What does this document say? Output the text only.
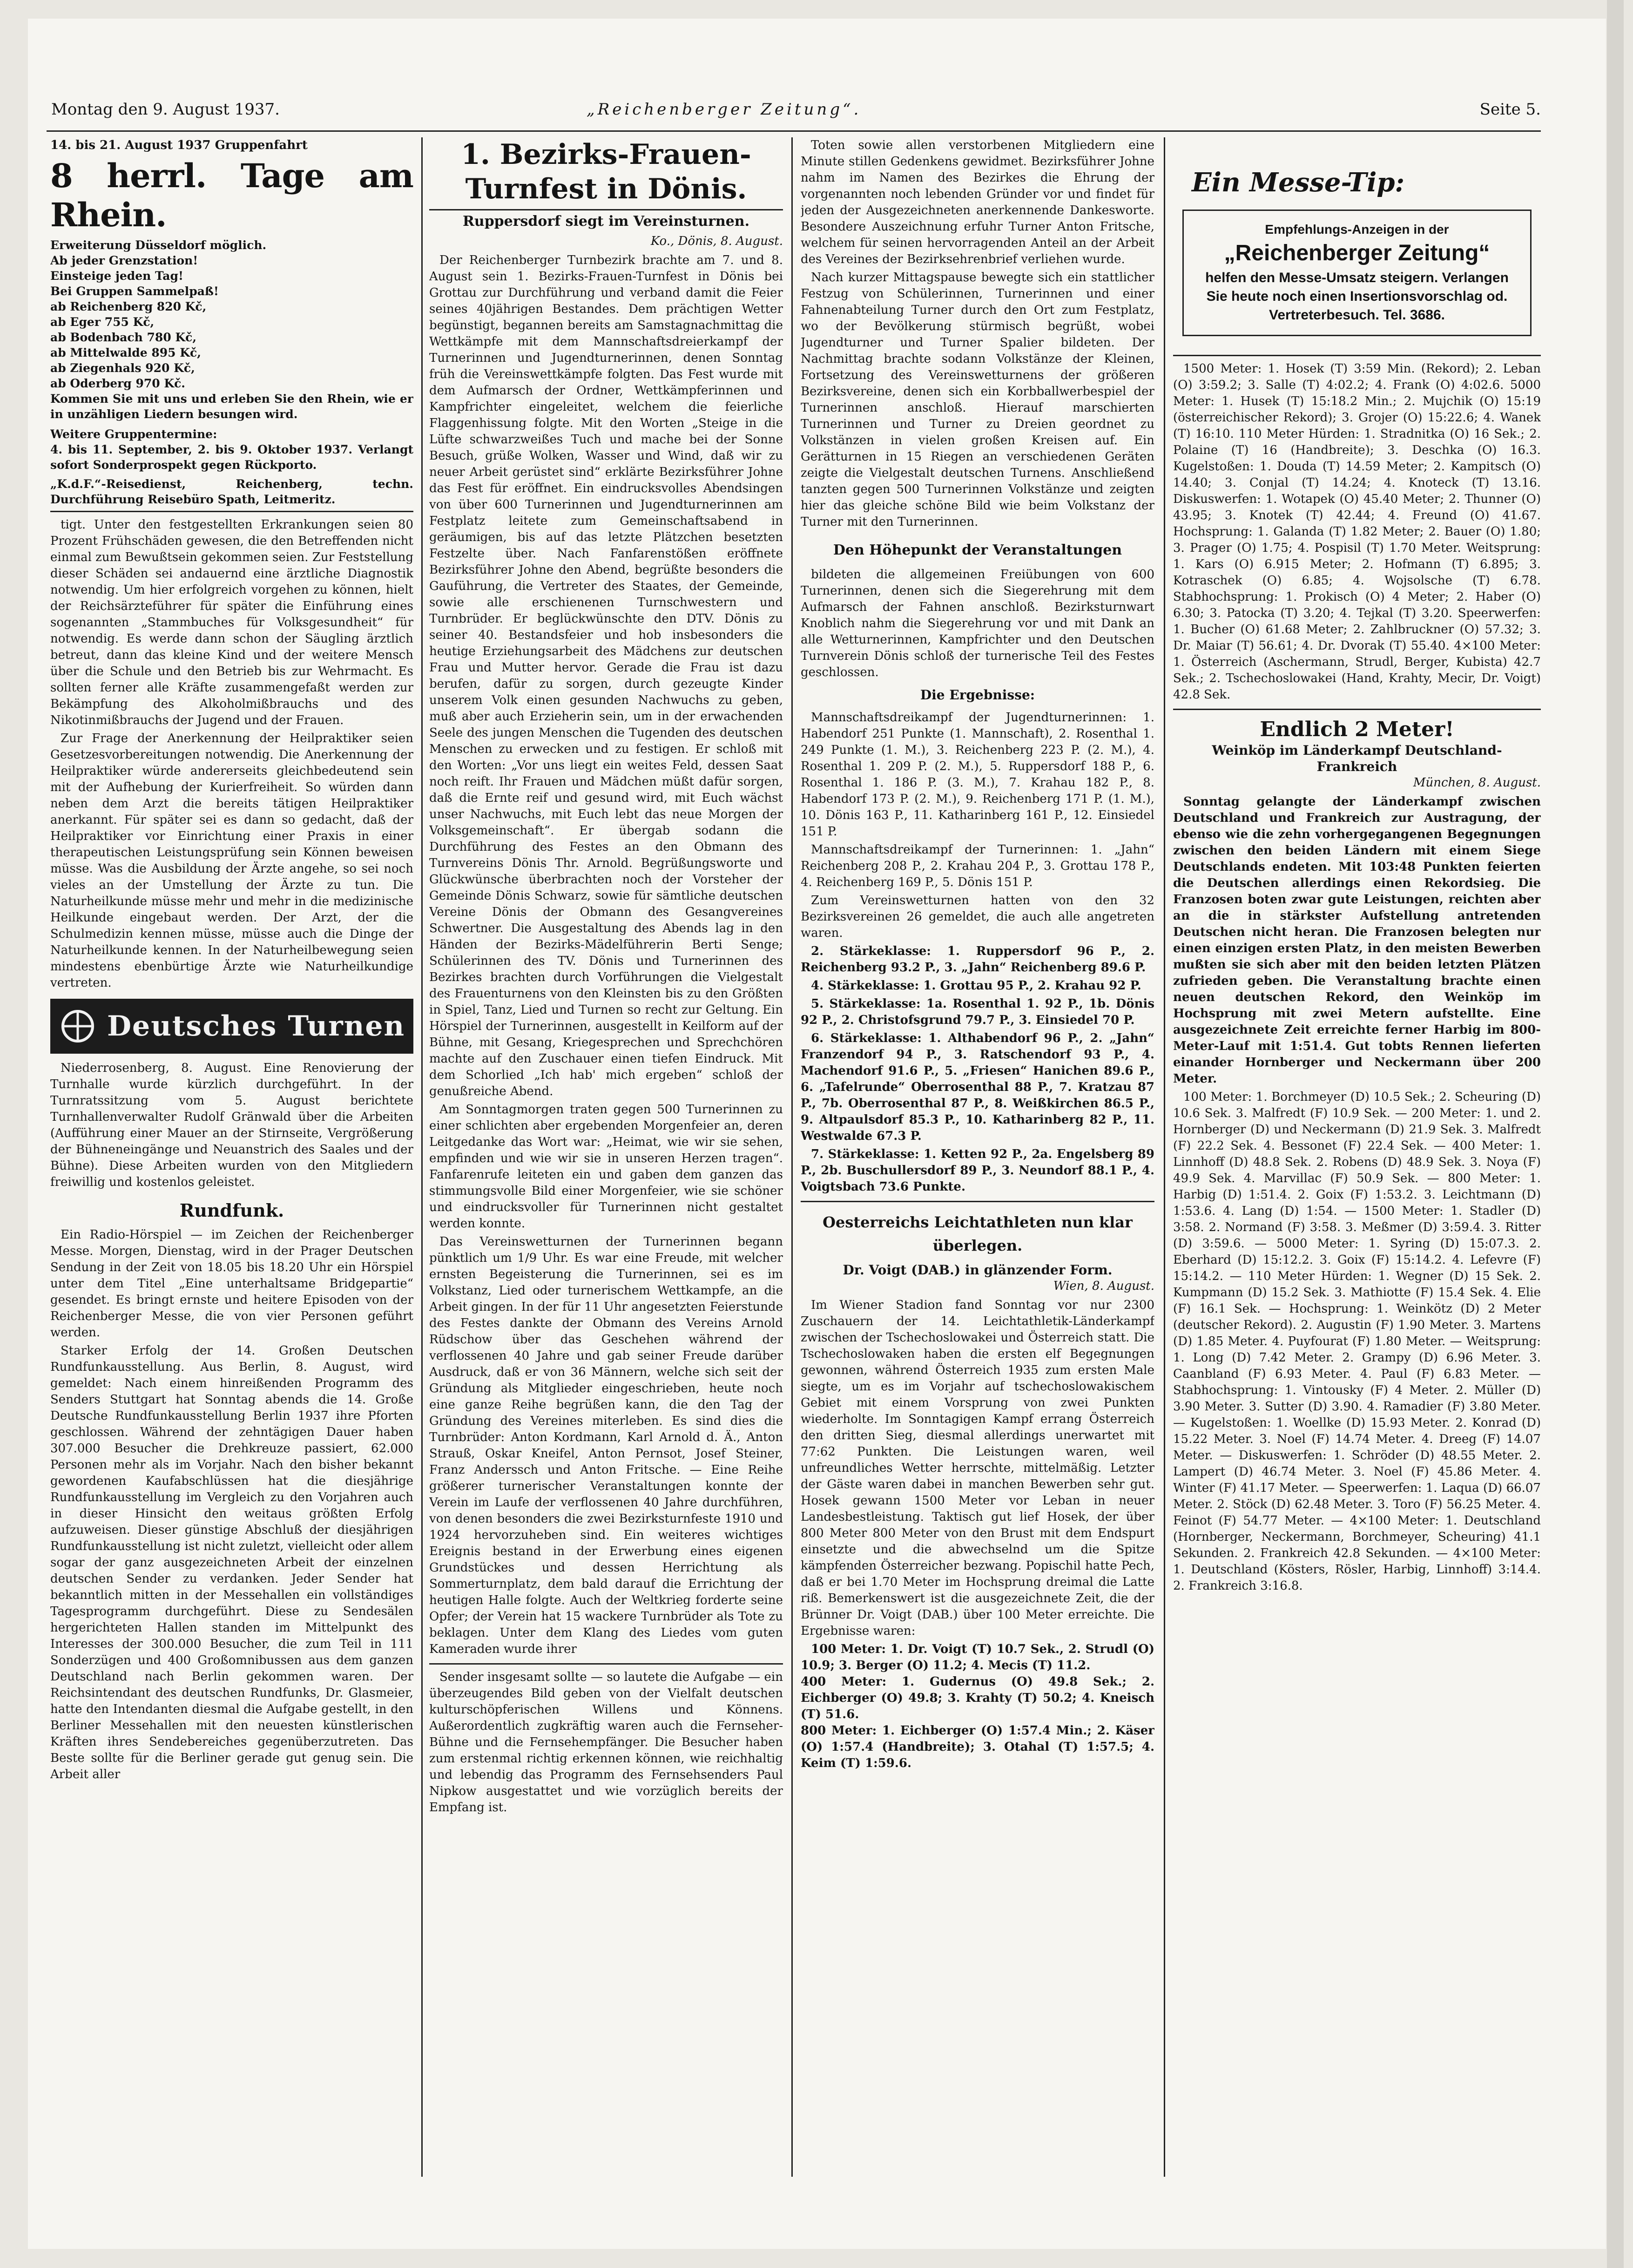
Montag den 9. August 1937.	„Reichenberger Zeitung“.	Seite 5.
14. bis 21. August 1937 Gruppenfahrt
8 herrl. Tage am Rhein.
Erweiterung Düsseldorf möglich.
Ab jeder Grenzstation!
Einsteige jeden Tag!
Bei Gruppen Sammelpaß!
ab Reichenberg 820 Kč,
ab Eger 755 Kč,
ab Bodenbach 780 Kč,
ab Mittelwalde 895 Kč,
ab Ziegenhals 920 Kč,
ab Oderberg 970 Kč.
Kommen Sie mit uns und erleben Sie den Rhein, wie er in unzähligen Liedern besungen wird.
Weitere Gruppentermine:
4. bis 11. September, 2. bis 9. Oktober 1937. Verlangt sofort Sonderprospekt gegen Rückporto.
„K.d.F.“-Reisedienst, Reichenberg, techn. Durchführung Reisebüro Spath, Leitmeritz.

tigt. Unter den festgestellten Erkrankungen seien 80 Prozent Frühschäden gewesen, die den Betreffenden nicht einmal zum Bewußtsein gekommen seien. Zur Feststellung dieser Schäden sei andauernd eine ärztliche Diagnostik notwendig. Um hier erfolgreich vorgehen zu können, hielt der Reichsärzteführer für später die Einführung eines sogenannten „Stammbuches für Volksgesundheit“ für notwendig. Es werde dann schon der Säugling ärztlich betreut, dann das kleine Kind und der weitere Mensch über die Schule und den Betrieb bis zur Wehrmacht. Es sollten ferner alle Kräfte zusammengefaßt werden zur Bekämpfung des Alkoholmißbrauchs und des Nikotinmißbrauchs der Jugend und der Frauen.

Zur Frage der Anerkennung der Heilpraktiker seien Gesetzesvorbereitungen notwendig. Die Anerkennung der Heilpraktiker würde andererseits gleichbedeutend sein mit der Aufhebung der Kurierfreiheit. So würden dann neben dem Arzt die bereits tätigen Heilpraktiker anerkannt. Für später sei es dann so gedacht, daß der Heilpraktiker vor Einrichtung einer Praxis in einer therapeutischen Leistungsprüfung sein Können beweisen müsse. Was die Ausbildung der Ärzte angehe, so sei noch vieles an der Umstellung der Ärzte zu tun. Die Naturheilkunde müsse mehr und mehr in die medizinische Heilkunde eingebaut werden. Der Arzt, der die Schulmedizin kennen müsse, müsse auch die Dinge der Naturheilkunde kennen. In der Naturheilbewegung seien mindestens ebenbürtige Ärzte wie Naturheilkundige vertreten.

Deutsches Turnen

Niederrosenberg, 8. August. Eine Renovierung der Turnhalle wurde kürzlich durchgeführt. In der Turnratssitzung vom 5. August berichtete Turnhallenverwalter Rudolf Gränwald über die Arbeiten (Aufführung einer Mauer an der Stirnseite, Vergrößerung der Bühneneingänge und Neuanstrich des Saales und der Bühne). Diese Arbeiten wurden von den Mitgliedern freiwillig und kostenlos geleistet.

Rundfunk.

Ein Radio-Hörspiel — im Zeichen der Reichenberger Messe. Morgen, Dienstag, wird in der Prager Deutschen Sendung in der Zeit von 18.05 bis 18.20 Uhr ein Hörspiel unter dem Titel „Eine unterhaltsame Bridgepartie“ gesendet. Es bringt ernste und heitere Episoden von der Reichenberger Messe, die von vier Personen geführt werden.

Starker Erfolg der 14. Großen Deutschen Rundfunkausstellung. Aus Berlin, 8. August, wird gemeldet: Nach einem hinreißenden Programm des Senders Stuttgart hat Sonntag abends die 14. Große Deutsche Rundfunkausstellung Berlin 1937 ihre Pforten geschlossen. Während der zehntägigen Dauer haben 307.000 Besucher die Drehkreuze passiert, 62.000 Personen mehr als im Vorjahr. Nach den bisher bekannt gewordenen Kaufabschlüssen hat die diesjährige Rundfunkausstellung im Vergleich zu den Vorjahren auch in dieser Hinsicht den weitaus größten Erfolg aufzuweisen. Dieser günstige Abschluß der diesjährigen Rundfunkausstellung ist nicht zuletzt, vielleicht oder allem sogar der ganz ausgezeichneten Arbeit der einzelnen deutschen Sender zu verdanken. Jeder Sender hat bekanntlich mitten in der Messehallen ein vollständiges Tagesprogramm durchgeführt. Diese zu Sendesälen hergerichteten Hallen standen im Mittelpunkt des Interesses der 300.000 Besucher, die zum Teil in 111 Sonderzügen und 400 Großomnibussen aus dem ganzen Deutschland nach Berlin gekommen waren. Der Reichsintendant des deutschen Rundfunks, Dr. Glasmeier, hatte den Intendanten diesmal die Aufgabe gestellt, in den Berliner Messehallen mit den neuesten künstlerischen Kräften ihres Sendebereiches gegenüberzutreten. Das Beste sollte für die Berliner gerade gut genug sein. Die Arbeit aller

1. Bezirks-Frauen-Turnfest in Dönis.
Ruppersdorf siegt im Vereinsturnen.
Ko., Dönis, 8. August.

Der Reichenberger Turnbezirk brachte am 7. und 8. August sein 1. Bezirks-Frauen-Turnfest in Dönis bei Grottau zur Durchführung und verband damit die Feier seines 40jährigen Bestandes. Dem prächtigen Wetter begünstigt, begannen bereits am Samstagnachmittag die Wettkämpfe mit dem Mannschaftsdreierkampf der Turnerinnen und Jugendturnerinnen, denen Sonntag früh die Vereinswettkämpfe folgten. Das Fest wurde mit dem Aufmarsch der Ordner, Wettkämpferinnen und Kampfrichter eingeleitet, welchem die feierliche Flaggenhissung folgte. Mit den Worten „Steige in die Lüfte schwarzweißes Tuch und mache bei der Sonne Besuch, grüße Wolken, Wasser und Wind, daß wir zu neuer Arbeit gerüstet sind“ erklärte Bezirksführer Johne das Fest für eröffnet. Ein eindrucksvolles Abendsingen von über 600 Turnerinnen und Jugendturnerinnen am Festplatz leitete zum Gemeinschaftsabend in geräumigen, bis auf das letzte Plätzchen besetzten Festzelte über. Nach Fanfarenstößen eröffnete Bezirksführer Johne den Abend, begrüßte besonders die Gauführung, die Vertreter des Staates, der Gemeinde, sowie alle erschienenen Turnschwestern und Turnbrüder. Er beglückwünschte den DTV. Dönis zu seiner 40. Bestandsfeier und hob insbesonders die heutige Erziehungsarbeit des Mädchens zur deutschen Frau und Mutter hervor. Gerade die Frau ist dazu berufen, dafür zu sorgen, durch gezeugte Kinder unserem Volk einen gesunden Nachwuchs zu geben, muß aber auch Erzieherin sein, um in der erwachenden Seele des jungen Menschen die Tugenden des deutschen Menschen zu erwecken und zu festigen. Er schloß mit den Worten: „Vor uns liegt ein weites Feld, dessen Saat noch reift. Ihr Frauen und Mädchen müßt dafür sorgen, daß die Ernte reif und gesund wird, mit Euch wächst unser Nachwuchs, mit Euch lebt das neue Morgen der Volksgemeinschaft“. Er übergab sodann die Durchführung des Festes an den Obmann des Turnvereins Dönis Thr. Arnold. Begrüßungsworte und Glückwünsche überbrachten noch der Vorsteher der Gemeinde Dönis Schwarz, sowie für sämtliche deutschen Vereine Dönis der Obmann des Gesangvereines Schwertner. Die Ausgestaltung des Abends lag in den Händen der Bezirks-Mädelführerin Berti Senge; Schülerinnen des TV. Dönis und Turnerinnen des Bezirkes brachten durch Vorführungen die Vielgestalt des Frauenturnens von den Kleinsten bis zu den Größten in Spiel, Tanz, Lied und Turnen so recht zur Geltung. Ein Hörspiel der Turnerinnen, ausgestellt in Keilform auf der Bühne, mit Gesang, Kriegesprechen und Sprechchören machte auf den Zuschauer einen tiefen Eindruck. Mit dem Schorlied „Ich hab' mich ergeben“ schloß der genußreiche Abend.

Am Sonntagmorgen traten gegen 500 Turnerinnen zu einer schlichten aber ergebenden Morgenfeier an, deren Leitgedanke das Wort war: „Heimat, wie wir sie sehen, empfinden und wie wir sie in unseren Herzen tragen“. Fanfarenrufe leiteten ein und gaben dem ganzen das stimmungsvolle Bild einer Morgenfeier, wie sie schöner und eindrucksvoller für Turnerinnen nicht gestaltet werden konnte.

Das Vereinswetturnen der Turnerinnen begann pünktlich um 1/9 Uhr. Es war eine Freude, mit welcher ernsten Begeisterung die Turnerinnen, sei es im Volkstanz, Lied oder turnerischem Wettkampfe, an die Arbeit gingen. In der für 11 Uhr angesetzten Feierstunde des Festes dankte der Obmann des Vereins Arnold Rüdschow über das Geschehen während der verflossenen 40 Jahre und gab seiner Freude darüber Ausdruck, daß er von 36 Männern, welche sich seit der Gründung als Mitglieder eingeschrieben, heute noch eine ganze Reihe begrüßen kann, die den Tag der Gründung des Vereines miterleben. Es sind dies die Turnbrüder: Anton Kordmann, Karl Arnold d. Ä., Anton Strauß, Oskar Kneifel, Anton Pernsot, Josef Steiner, Franz Anderssch und Anton Fritsche. — Eine Reihe größerer turnerischer Veranstaltungen konnte der Verein im Laufe der verflossenen 40 Jahre durchführen, von denen besonders die zwei Bezirksturnfeste 1910 und 1924 hervorzuheben sind. Ein weiteres wichtiges Ereignis bestand in der Erwerbung eines eigenen Grundstückes und dessen Herrichtung als Sommerturnplatz, dem bald darauf die Errichtung der heutigen Halle folgte. Auch der Weltkrieg forderte seine Opfer; der Verein hat 15 wackere Turnbrüder als Tote zu beklagen. Unter dem Klang des Liedes vom guten Kameraden wurde ihrer

Sender insgesamt sollte — so lautete die Aufgabe — ein überzeugendes Bild geben von der Vielfalt deutschen kulturschöpferischen Willens und Könnens. Außerordentlich zugkräftig waren auch die Fernseher-Bühne und die Fernsehempfänger. Die Besucher haben zum erstenmal richtig erkennen können, wie reichhaltig und lebendig das Programm des Fernsehsenders Paul Nipkow ausgestattet und wie vorzüglich bereits der Empfang ist.

Toten sowie allen verstorbenen Mitgliedern eine Minute stillen Gedenkens gewidmet. Bezirksführer Johne nahm im Namen des Bezirkes die Ehrung der vorgenannten noch lebenden Gründer vor und findet für jeden der Ausgezeichneten anerkennende Dankesworte. Besondere Auszeichnung erfuhr Turner Anton Fritsche, welchem für seinen hervorragenden Anteil an der Arbeit des Vereines der Bezirksehrenbrief verliehen wurde.

Nach kurzer Mittagspause bewegte sich ein stattlicher Festzug von Schülerinnen, Turnerinnen und einer Fahnenabteilung Turner durch den Ort zum Festplatz, wo der Bevölkerung stürmisch begrüßt, wobei Jugendturner und Turner Spalier bildeten. Der Nachmittag brachte sodann Volkstänze der Kleinen, Fortsetzung des Vereinswetturnens der größeren Bezirksvereine, denen sich ein Korbballwerbespiel der Turnerinnen anschloß. Hierauf marschierten Turnerinnen und Turner zu Dreien geordnet zu Volkstänzen in vielen großen Kreisen auf. Ein Gerätturnen in 15 Riegen an verschiedenen Geräten zeigte die Vielgestalt deutschen Turnens. Anschließend tanzten gegen 500 Turnerinnen Volkstänze und zeigten hier das gleiche schöne Bild wie beim Volkstanz der Turner mit den Turnerinnen.

Den Höhepunkt der Veranstaltungen

bildeten die allgemeinen Freiübungen von 600 Turnerinnen, denen sich die Siegerehrung mit dem Aufmarsch der Fahnen anschloß. Bezirksturnwart Knoblich nahm die Siegerehrung vor und mit Dank an alle Wetturnerinnen, Kampfrichter und den Deutschen Turnverein Dönis schloß der turnerische Teil des Festes geschlossen.

Die Ergebnisse:

Mannschaftsdreikampf der Jugendturnerinnen: 1. Habendorf 251 Punkte (1. Mannschaft), 2. Rosenthal 1. 249 Punkte (1. M.), 3. Reichenberg 223 P. (2. M.), 4. Rosenthal 1. 209 P. (2. M.), 5. Ruppersdorf 188 P., 6. Rosenthal 1. 186 P. (3. M.), 7. Krahau 182 P., 8. Habendorf 173 P. (2. M.), 9. Reichenberg 171 P. (1. M.), 10. Dönis 163 P., 11. Katharinberg 161 P., 12. Einsiedel 151 P.

Mannschaftsdreikampf der Turnerinnen: 1. „Jahn“ Reichenberg 208 P., 2. Krahau 204 P., 3. Grottau 178 P., 4. Reichenberg 169 P., 5. Dönis 151 P.

Zum Vereinswetturnen hatten von den 32 Bezirksvereinen 26 gemeldet, die auch alle angetreten waren.

2. Stärkeklasse: 1. Ruppersdorf 96 P., 2. Reichenberg 93.2 P., 3. „Jahn“ Reichenberg 89.6 P.

4. Stärkeklasse: 1. Grottau 95 P., 2. Krahau 92 P.

5. Stärkeklasse: 1a. Rosenthal 1. 92 P., 1b. Dönis 92 P., 2. Christofsgrund 79.7 P., 3. Einsiedel 70 P.

6. Stärkeklasse: 1. Althabendorf 96 P., 2. „Jahn“ Franzendorf 94 P., 3. Ratschendorf 93 P., 4. Machendorf 91.6 P., 5. „Friesen“ Hanichen 89.6 P., 6. „Tafelrunde“ Oberrosenthal 88 P., 7. Kratzau 87 P., 7b. Oberrosenthal 87 P., 8. Weißkirchen 86.5 P., 9. Altpaulsdorf 85.3 P., 10. Katharinberg 82 P., 11. Westwalde 67.3 P.

7. Stärkeklasse: 1. Ketten 92 P., 2a. Engelsberg 89 P., 2b. Buschullersdorf 89 P., 3. Neundorf 88.1 P., 4. Voigtsbach 73.6 Punkte.

Oesterreichs Leichtathleten nun klar überlegen.
Dr. Voigt (DAB.) in glänzender Form.
Wien, 8. August.

Im Wiener Stadion fand Sonntag vor nur 2300 Zuschauern der 14. Leichtathletik-Länderkampf zwischen der Tschechoslowakei und Österreich statt. Die Tschechoslowaken haben die ersten elf Begegnungen gewonnen, während Österreich 1935 zum ersten Male siegte, um es im Vorjahr auf tschechoslowakischem Gebiet mit einem Vorsprung von zwei Punkten wiederholte. Im Sonntagigen Kampf errang Österreich den dritten Sieg, diesmal allerdings unerwartet mit 77:62 Punkten. Die Leistungen waren, weil unfreundliches Wetter herrschte, mittelmäßig. Letzter der Gäste waren dabei in manchen Bewerben sehr gut. Hosek gewann 1500 Meter vor Leban in neuer Landesbestleistung. Taktisch gut lief Hosek, der über 800 Meter 800 Meter von den Brust mit dem Endspurt einsetzte und die abwechselnd um die Spitze kämpfenden Österreicher bezwang. Popischil hatte Pech, daß er bei 1.70 Meter im Hochsprung dreimal die Latte riß. Bemerkenswert ist die ausgezeichnete Zeit, die der Brünner Dr. Voigt (DAB.) über 100 Meter erreichte. Die Ergebnisse waren:

100 Meter: 1. Dr. Voigt (T) 10.7 Sek., 2. Strudl (O) 10.9; 3. Berger (O) 11.2; 4. Mecis (T) 11.2.
400 Meter: 1. Gudernus (O) 49.8 Sek.; 2. Eichberger (O) 49.8; 3. Krahty (T) 50.2; 4. Kneisch (T) 51.6.
800 Meter: 1. Eichberger (O) 1:57.4 Min.; 2. Käser (O) 1:57.4 (Handbreite); 3. Otahal (T) 1:57.5; 4. Keim (T) 1:59.6.

Ein Messe-Tip:
Empfehlungs-Anzeigen in der
„Reichenberger Zeitung“
helfen den Messe-Umsatz steigern. Verlangen Sie heute noch einen Insertionsvorschlag od. Vertreterbesuch. Tel. 3686.

1500 Meter: 1. Hosek (T) 3:59 Min. (Rekord); 2. Leban (O) 3:59.2; 3. Salle (T) 4:02.2; 4. Frank (O) 4:02.6. 5000 Meter: 1. Husek (T) 15:18.2 Min.; 2. Mujchik (O) 15:19 (österreichischer Rekord); 3. Grojer (O) 15:22.6; 4. Wanek (T) 16:10. 110 Meter Hürden: 1. Stradnitka (O) 16 Sek.; 2. Polaine (T) 16 (Handbreite); 3. Deschka (O) 16.3. Kugelstoßen: 1. Douda (T) 14.59 Meter; 2. Kampitsch (O) 14.40; 3. Conjal (T) 14.24; 4. Knoteck (T) 13.16. Diskuswerfen: 1. Wotapek (O) 45.40 Meter; 2. Thunner (O) 43.95; 3. Knotek (T) 42.44; 4. Freund (O) 41.67. Hochsprung: 1. Galanda (T) 1.82 Meter; 2. Bauer (O) 1.80; 3. Prager (O) 1.75; 4. Pospisil (T) 1.70 Meter. Weitsprung: 1. Kars (O) 6.915 Meter; 2. Hofmann (T) 6.895; 3. Kotraschek (O) 6.85; 4. Wojsolsche (T) 6.78. Stabhochsprung: 1. Prokisch (O) 4 Meter; 2. Haber (O) 6.30; 3. Patocka (T) 3.20; 4. Tejkal (T) 3.20. Speerwerfen: 1. Bucher (O) 61.68 Meter; 2. Zahlbruckner (O) 57.32; 3. Dr. Maiar (T) 56.61; 4. Dr. Dvorak (T) 55.40. 4×100 Meter: 1. Österreich (Aschermann, Strudl, Berger, Kubista) 42.7 Sek.; 2. Tschechoslowakei (Hand, Krahty, Mecir, Dr. Voigt) 42.8 Sek.

Endlich 2 Meter!
Weinköp im Länderkampf Deutschland-Frankreich
München, 8. August.

Sonntag gelangte der Länderkampf zwischen Deutschland und Frankreich zur Austragung, der ebenso wie die zehn vorhergegangenen Begegnungen zwischen den beiden Ländern mit einem Siege Deutschlands endeten. Mit 103:48 Punkten feierten die Deutschen allerdings einen Rekordsieg. Die Franzosen boten zwar gute Leistungen, reichten aber an die in stärkster Aufstellung antretenden Deutschen nicht heran. Die Franzosen belegten nur einen einzigen ersten Platz, in den meisten Bewerben mußten sie sich aber mit den beiden letzten Plätzen zufrieden geben. Die Veranstaltung brachte einen neuen deutschen Rekord, den Weinköp im Hochsprung mit zwei Metern aufstellte. Eine ausgezeichnete Zeit erreichte ferner Harbig im 800-Meter-Lauf mit 1:51.4. Gut tobts Rennen lieferten einander Hornberger und Neckermann über 200 Meter.

100 Meter: 1. Borchmeyer (D) 10.5 Sek.; 2. Scheuring (D) 10.6 Sek. 3. Malfredt (F) 10.9 Sek. — 200 Meter: 1. und 2. Hornberger (D) und Neckermann (D) 21.9 Sek. 3. Malfredt (F) 22.2 Sek. 4. Bessonet (F) 22.4 Sek. — 400 Meter: 1. Linnhoff (D) 48.8 Sek. 2. Robens (D) 48.9 Sek. 3. Noya (F) 49.9 Sek. 4. Marvillac (F) 50.9 Sek. — 800 Meter: 1. Harbig (D) 1:51.4. 2. Goix (F) 1:53.2. 3. Leichtmann (D) 1:53.6. 4. Lang (D) 1:54. — 1500 Meter: 1. Stadler (D) 3:58. 2. Normand (F) 3:58. 3. Meßmer (D) 3:59.4. 3. Ritter (D) 3:59.6. — 5000 Meter: 1. Syring (D) 15:07.3. 2. Eberhard (D) 15:12.2. 3. Goix (F) 15:14.2. 4. Lefevre (F) 15:14.2. — 110 Meter Hürden: 1. Wegner (D) 15 Sek. 2. Kumpmann (D) 15.2 Sek. 3. Mathiotte (F) 15.4 Sek. 4. Elie (F) 16.1 Sek. — Hochsprung: 1. Weinkötz (D) 2 Meter (deutscher Rekord). 2. Augustin (F) 1.90 Meter. 3. Martens (D) 1.85 Meter. 4. Puyfourat (F) 1.80 Meter. — Weitsprung: 1. Long (D) 7.42 Meter. 2. Grampy (D) 6.96 Meter. 3. Caanbland (F) 6.93 Meter. 4. Paul (F) 6.83 Meter. — Stabhochsprung: 1. Vintousky (F) 4 Meter. 2. Müller (D) 3.90 Meter. 3. Sutter (D) 3.90. 4. Ramadier (F) 3.80 Meter. — Kugelstoßen: 1. Woellke (D) 15.93 Meter. 2. Konrad (D) 15.22 Meter. 3. Noel (F) 14.74 Meter. 4. Dreeg (F) 14.07 Meter. — Diskuswerfen: 1. Schröder (D) 48.55 Meter. 2. Lampert (D) 46.74 Meter. 3. Noel (F) 45.86 Meter. 4. Winter (F) 41.17 Meter. — Speerwerfen: 1. Laqua (D) 66.07 Meter. 2. Stöck (D) 62.48 Meter. 3. Toro (F) 56.25 Meter. 4. Feinot (F) 54.77 Meter. — 4×100 Meter: 1. Deutschland (Hornberger, Neckermann, Borchmeyer, Scheuring) 41.1 Sekunden. 2. Frankreich 42.8 Sekunden. — 4×100 Meter: 1. Deutschland (Kösters, Rösler, Harbig, Linnhoff) 3:14.4. 2. Frankreich 3:16.8.
